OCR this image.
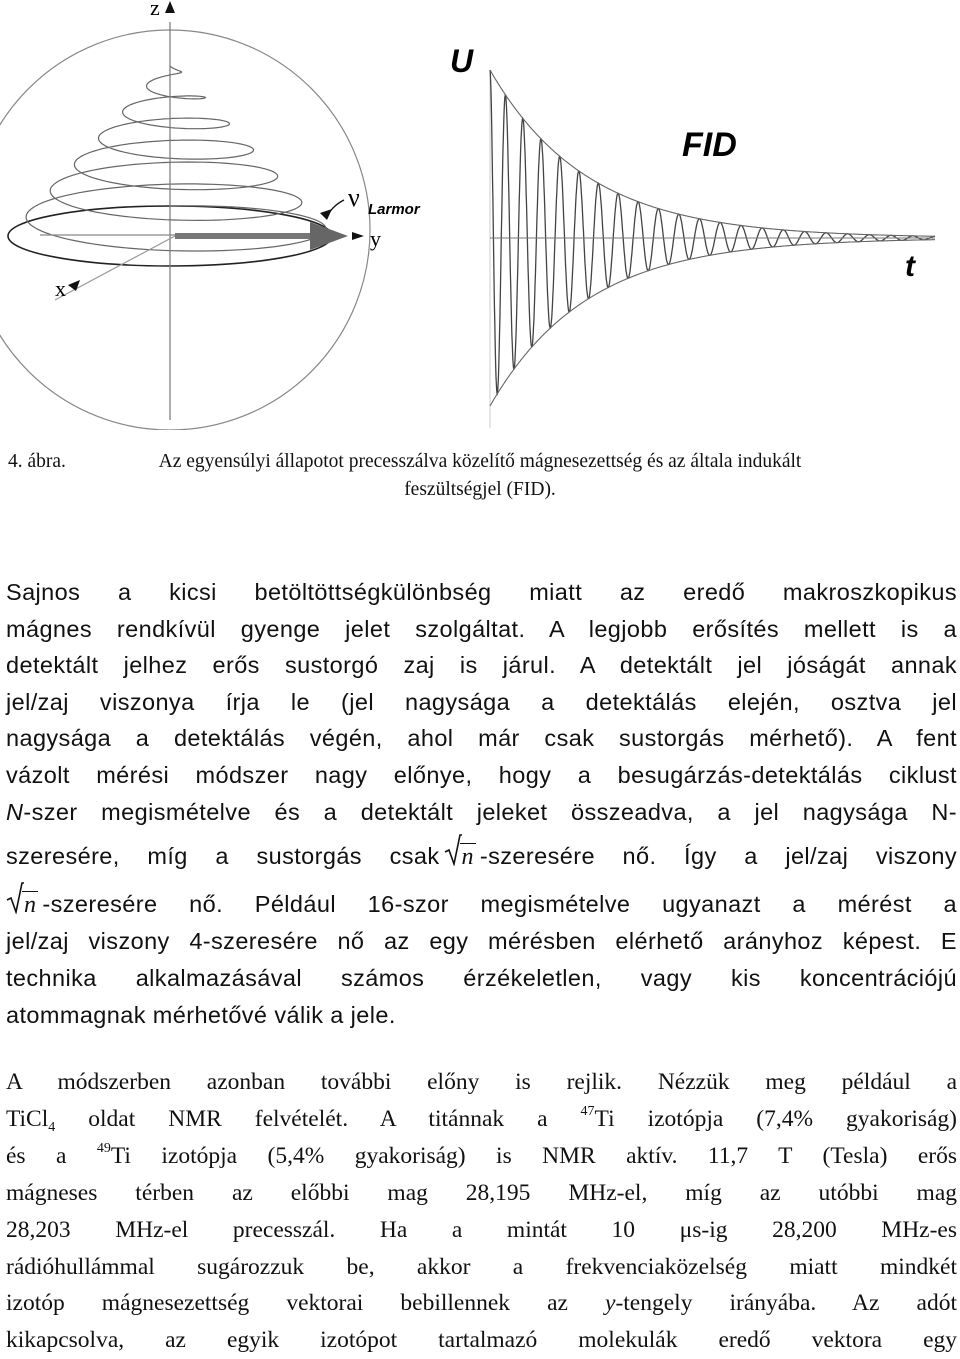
z
x
y
ν Larmor
U
FID
t
4. ábra.	Az egyensúlyi állapotot precesszálva közelítő mágnesezettség és az általa indukált
feszültségjel (FID).
Sajnos a kicsi betöltöttségkülönbség miatt az eredő makroszkopikus
mágnes rendkívül gyenge jelet szolgáltat. A legjobb erősítés mellett is a
detektált jelhez erős sustorgó zaj is járul. A detektált jel jóságát annak
jel/zaj viszonya írja le (jel nagysága a detektálás elején, osztva jel
nagysága a detektálás végén, ahol már csak sustorgás mérhető). A fent
vázolt mérési módszer nagy előnye, hogy a besugárzás-detektálás ciklust
N-szer megismételve és a detektált jeleket összeadva, a jel nagysága N-
szeresére, míg a sustorgás csak n -szeresére nő. Így a jel/zaj viszony
n -szeresére nő. Például 16-szor megismételve ugyanazt a mérést a
jel/zaj viszony 4-szeresére nő az egy mérésben elérhető arányhoz képest. E
technika alkalmazásával számos érzékeletlen, vagy kis koncentrációjú
atommagnak mérhetővé válik a jele.
A módszerben azonban további előny is rejlik. Nézzük meg például a
TiCl$_4$ oldat NMR felvételét. A titánnak a $^{47}$Ti izotópja (7,4% gyakoriság)
és a $^{49}$Ti izotópja (5,4% gyakoriság) is NMR aktív. 11,7 T (Tesla) erős
mágneses térben az előbbi mag 28,195 MHz-el, míg az utóbbi mag
28,203 MHz-el precesszál. Ha a mintát 10 μs-ig 28,200 MHz-es
rádióhullámmal sugározzuk be, akkor a frekvenciaközelség miatt mindkét
izotóp mágnesezettség vektorai bebillennek az y-tengely irányába. Az adót
kikapcsolva, az egyik izotópot tartalmazó molekulák eredő vektora egy
